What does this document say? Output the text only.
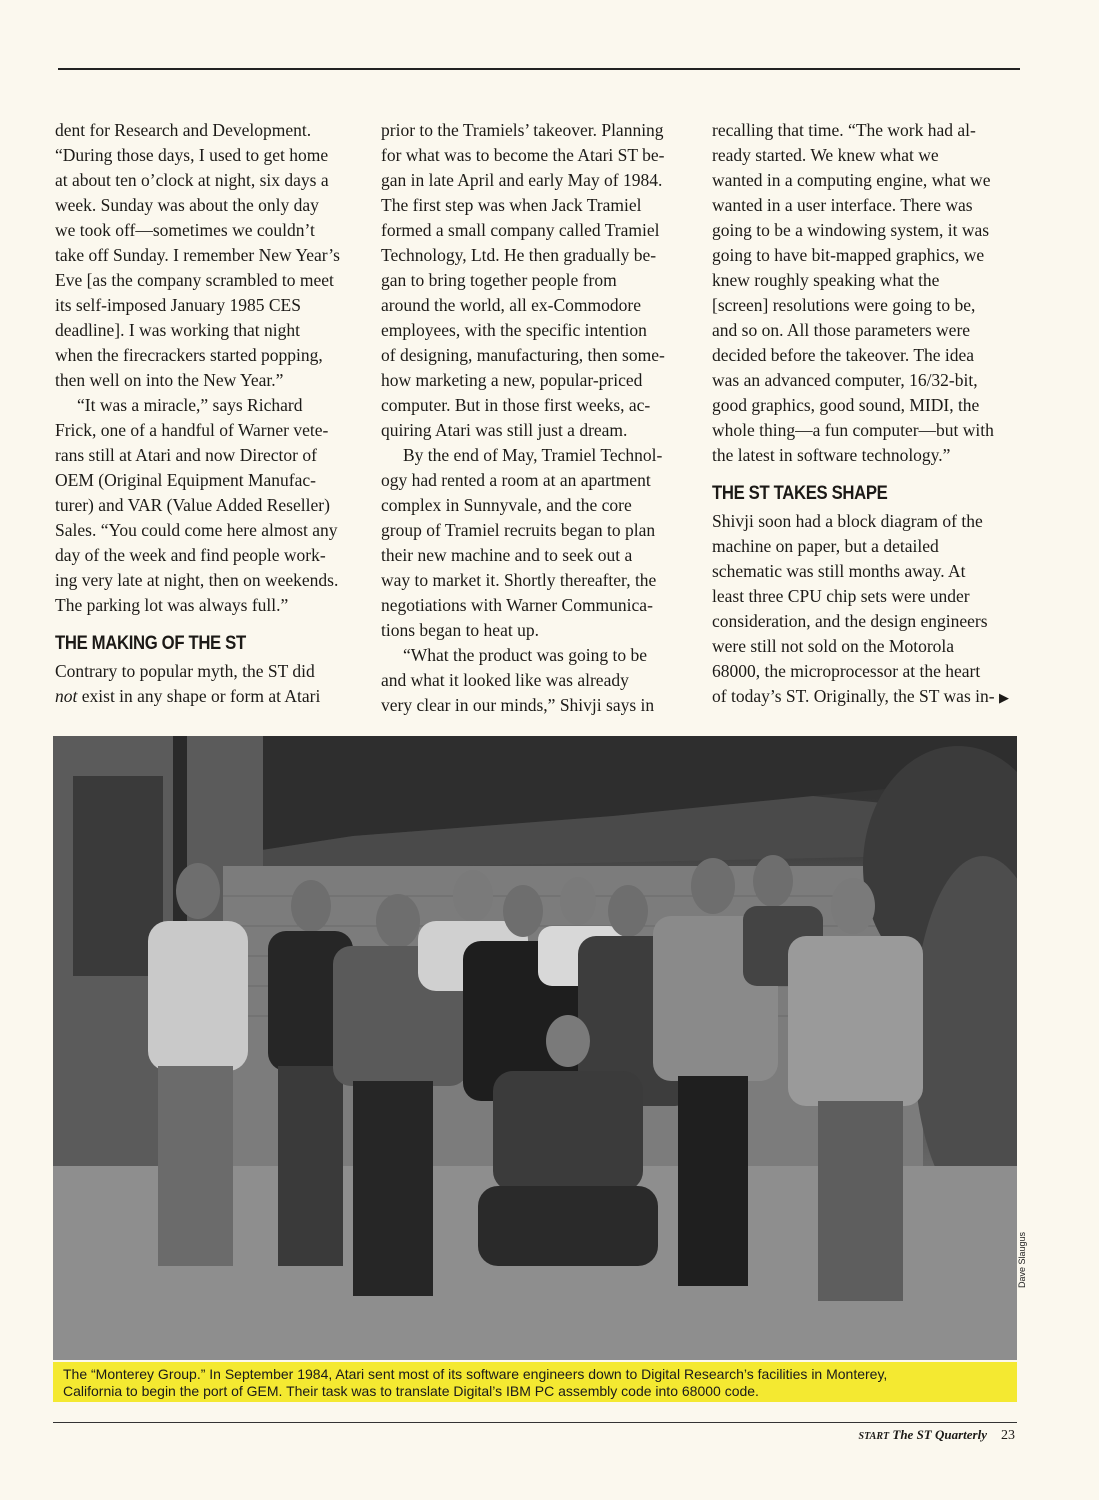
dent for Research and Development.
“During those days, I used to get home
at about ten o’clock at night, six days a
week. Sunday was about the only day
we took off—sometimes we couldn’t
take off Sunday. I remember New Year’s
Eve [as the company scrambled to meet
its self-imposed January 1985 CES
deadline]. I was working that night
when the firecrackers started popping,
then well on into the New Year.”

“It was a miracle,” says Richard
Frick, one of a handful of Warner vete-
rans still at Atari and now Director of
OEM (Original Equipment Manufac-
turer) and VAR (Value Added Reseller)
Sales. “You could come here almost any
day of the week and find people work-
ing very late at night, then on weekends.
The parking lot was always full.”

THE MAKING OF THE ST

Contrary to popular myth, the ST did
not exist in any shape or form at Atari

prior to the Tramiels’ takeover. Planning
for what was to become the Atari ST be-
gan in late April and early May of 1984.
The first step was when Jack Tramiel
formed a small company called Tramiel
Technology, Ltd. He then gradually be-
gan to bring together people from
around the world, all ex-Commodore
employees, with the specific intention
of designing, manufacturing, then some-
how marketing a new, popular-priced
computer. But in those first weeks, ac-
quiring Atari was still just a dream.

By the end of May, Tramiel Technol-
ogy had rented a room at an apartment
complex in Sunnyvale, and the core
group of Tramiel recruits began to plan
their new machine and to seek out a
way to market it. Shortly thereafter, the
negotiations with Warner Communica-
tions began to heat up.

“What the product was going to be
and what it looked like was already
very clear in our minds,” Shivji says in

recalling that time. “The work had al-
ready started. We knew what we
wanted in a computing engine, what we
wanted in a user interface. There was
going to be a windowing system, it was
going to have bit-mapped graphics, we
knew roughly speaking what the
[screen] resolutions were going to be,
and so on. All those parameters were
decided before the takeover. The idea
was an advanced computer, 16/32-bit,
good graphics, good sound, MIDI, the
whole thing—a fun computer—but with
the latest in software technology.”

THE ST TAKES SHAPE

Shivji soon had a block diagram of the
machine on paper, but a detailed
schematic was still months away. At
least three CPU chip sets were under
consideration, and the design engineers
were still not sold on the Motorola
68000, the microprocessor at the heart
of today’s ST. Originally, the ST was in- ▶

Dave Slaugus
The “Monterey Group.” In September 1984, Atari sent most of its software engineers down to Digital Research’s facilities in Monterey,
California to begin the port of GEM. Their task was to translate Digital’s IBM PC assembly code into 68000 code.
START The ST Quarterly 23
